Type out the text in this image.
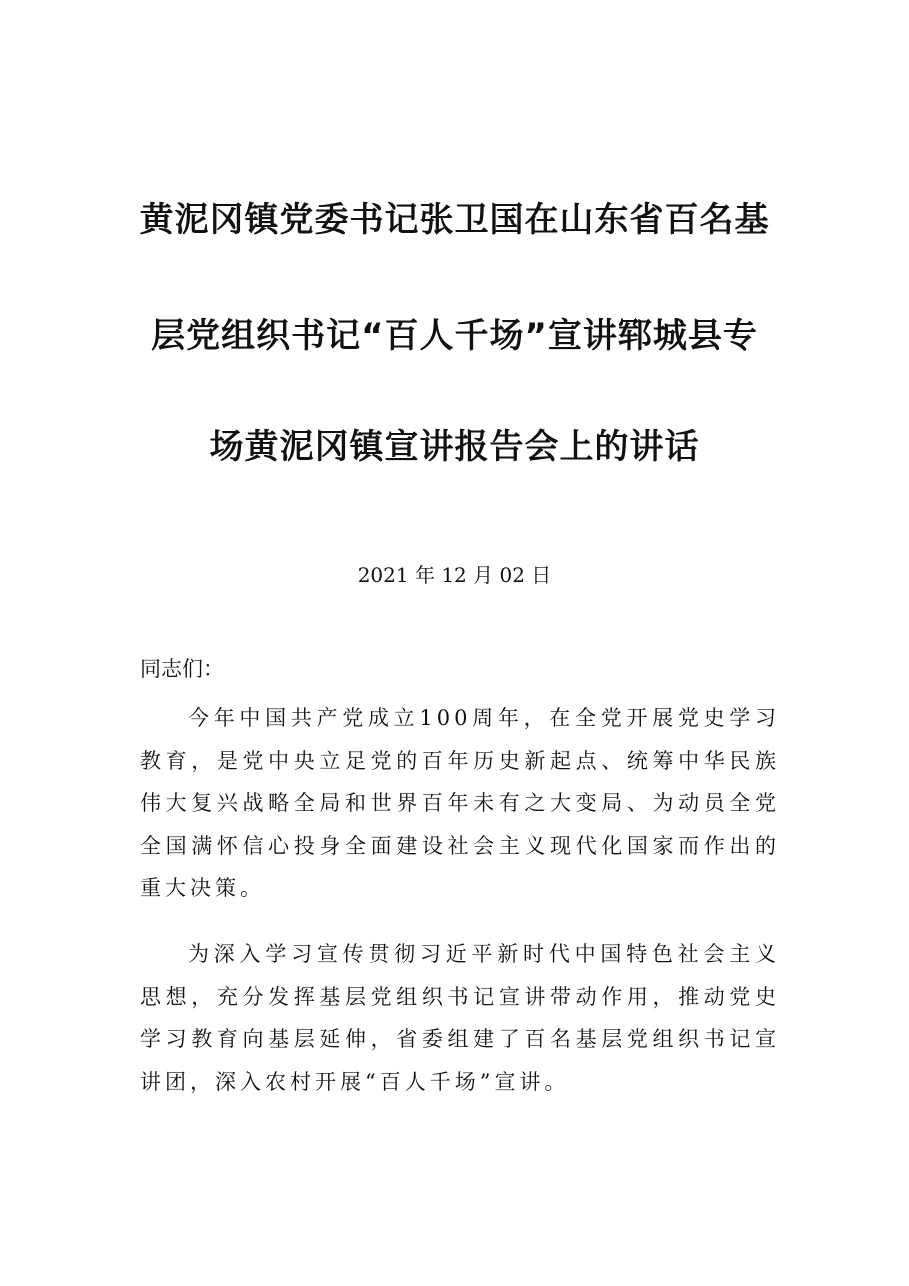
黄泥冈镇党委书记张卫国在山东省百名基
层党组织书记“百人千场”宣讲郓城县专
场黄泥冈镇宣讲报告会上的讲话
2021 年 12 月 02 日
同志们：
今年中国共产党成立100周年，在全党开展党史学习教育，是党中央立足党的百年历史新起点、统筹中华民族伟大复兴战略全局和世界百年未有之大变局、为动员全党全国满怀信心投身全面建设社会主义现代化国家而作出的重大决策。
为深入学习宣传贯彻习近平新时代中国特色社会主义思想，充分发挥基层党组织书记宣讲带动作用，推动党史学习教育向基层延伸，省委组建了百名基层党组织书记宣讲团，深入农村开展“百人千场”宣讲。
